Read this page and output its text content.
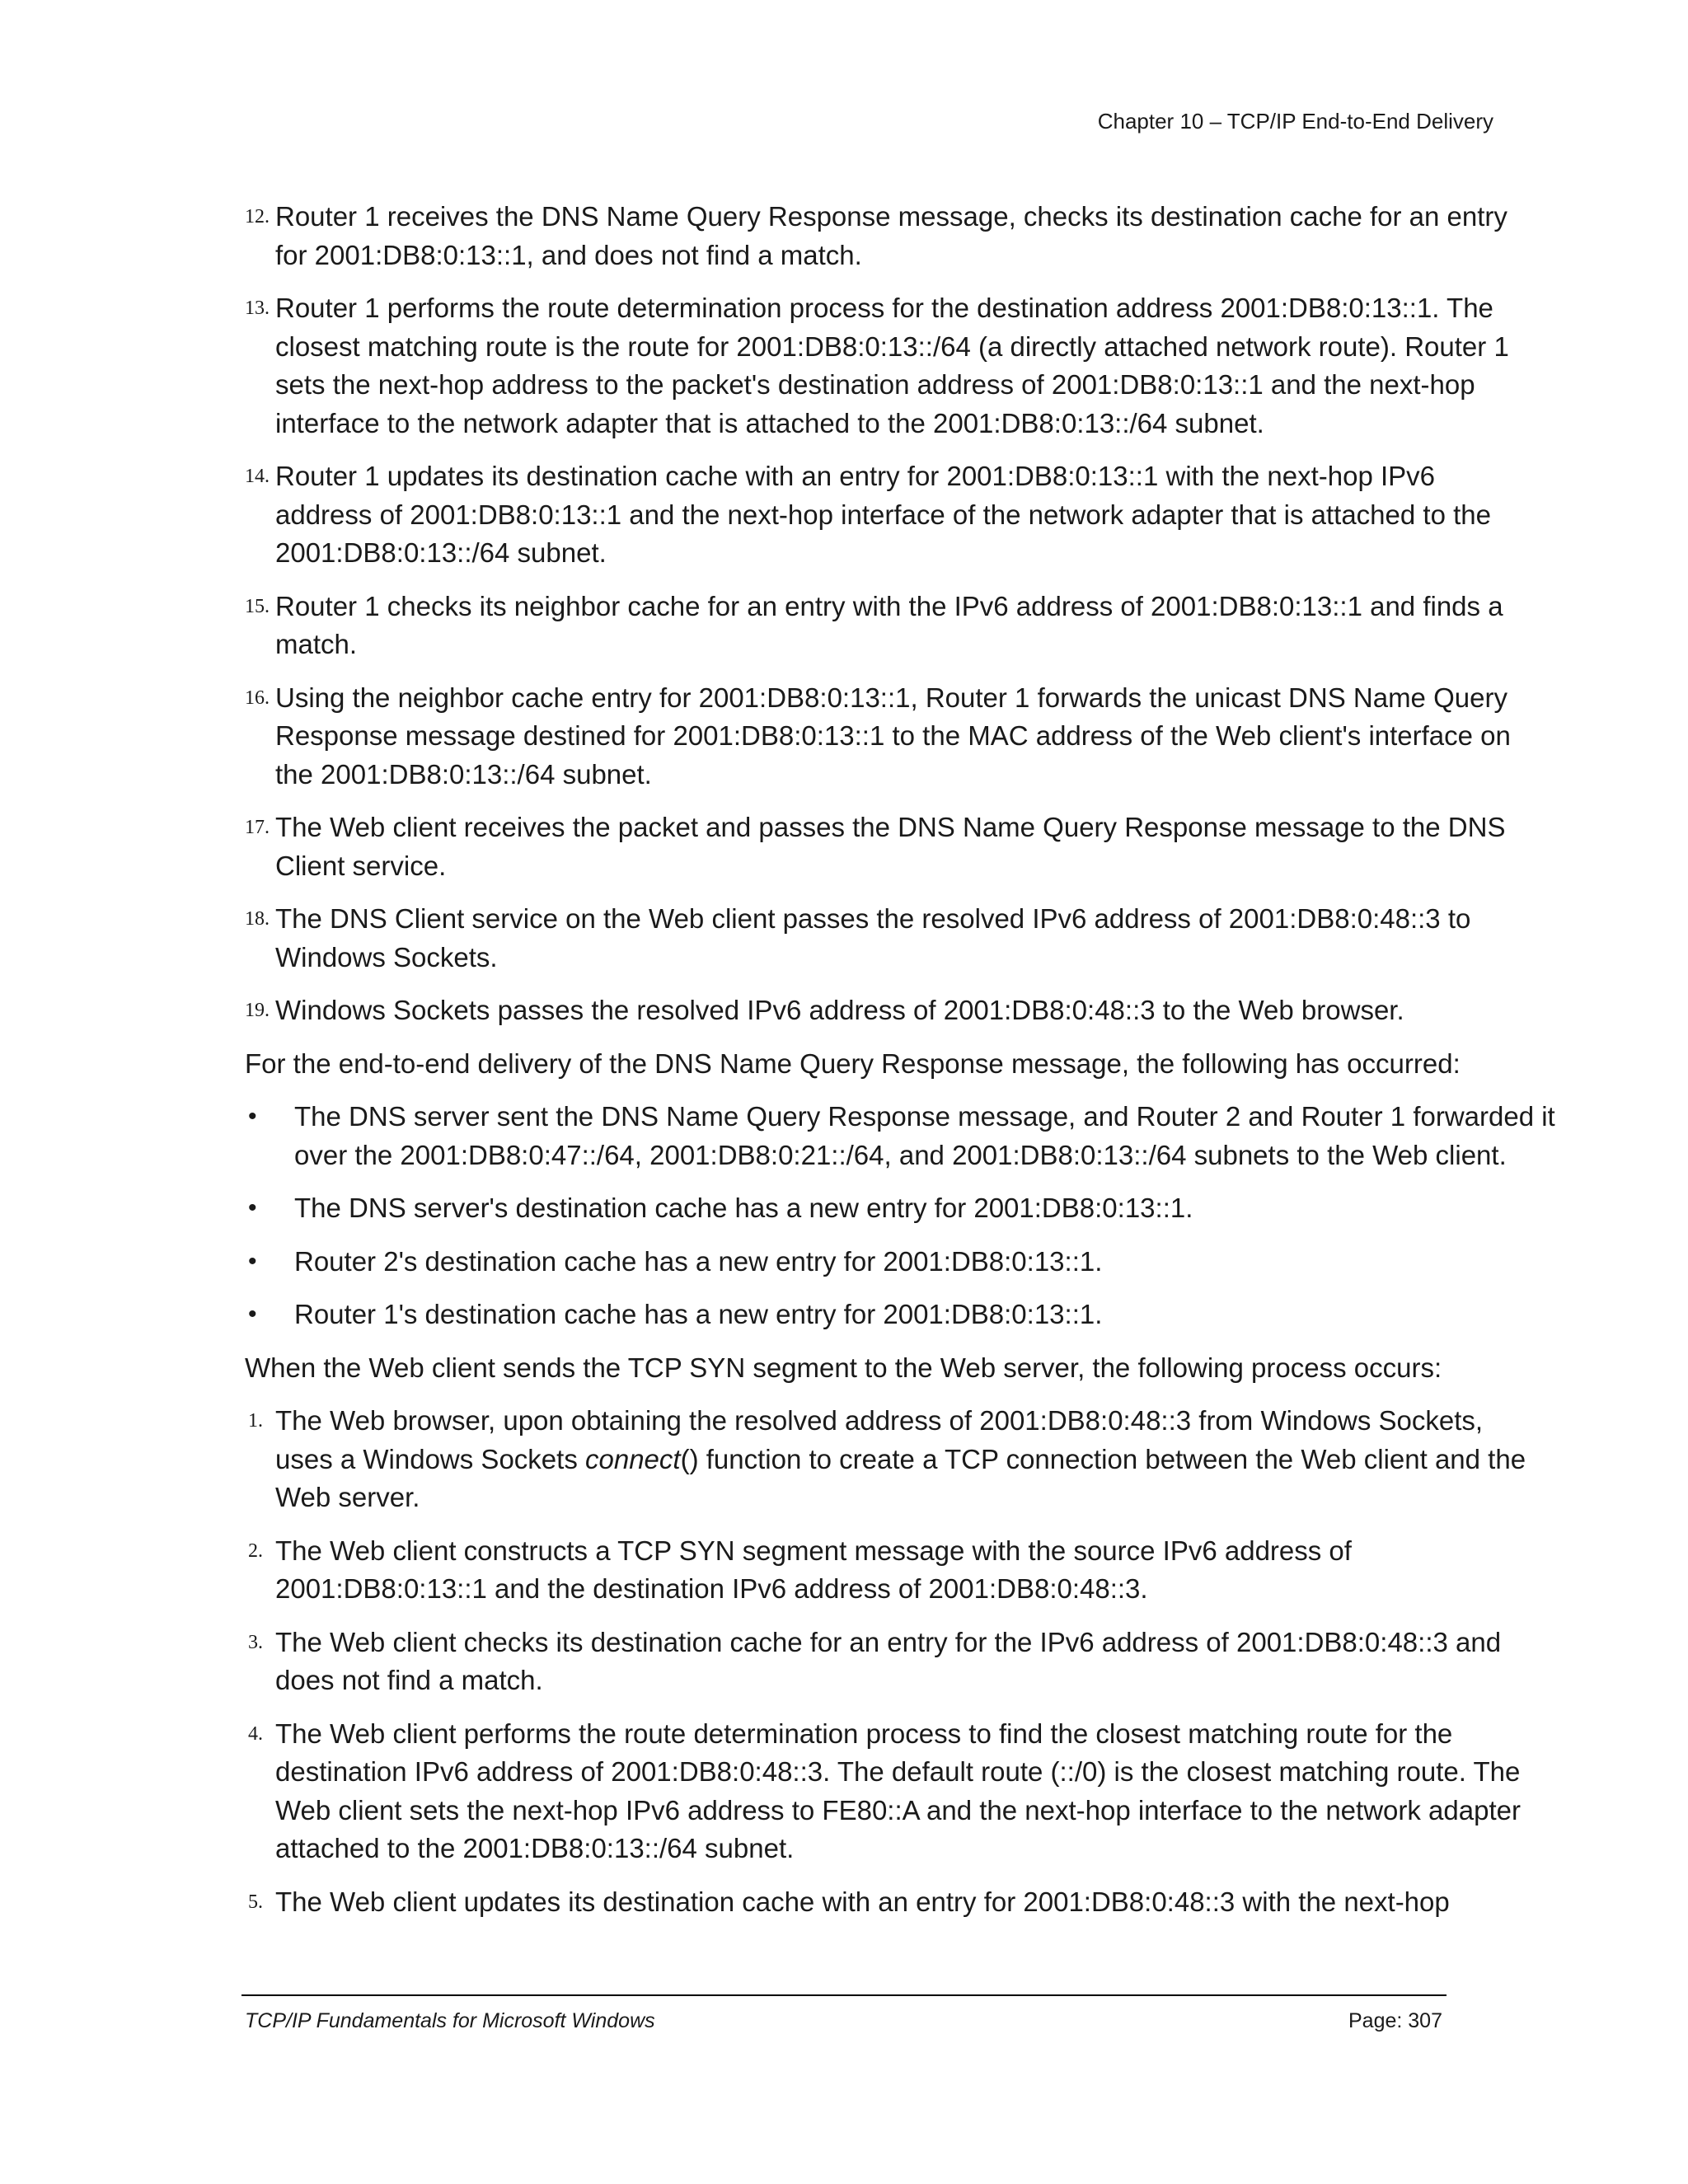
Chapter 10 – TCP/IP End-to-End Delivery
12. Router 1 receives the DNS Name Query Response message, checks its destination cache for an entry for 2001:DB8:0:13::1, and does not find a match.
13. Router 1 performs the route determination process for the destination address 2001:DB8:0:13::1. The closest matching route is the route for 2001:DB8:0:13::/64 (a directly attached network route). Router 1 sets the next-hop address to the packet's destination address of 2001:DB8:0:13::1 and the next-hop interface to the network adapter that is attached to the 2001:DB8:0:13::/64 subnet.
14. Router 1 updates its destination cache with an entry for 2001:DB8:0:13::1 with the next-hop IPv6 address of 2001:DB8:0:13::1 and the next-hop interface of the network adapter that is attached to the 2001:DB8:0:13::/64 subnet.
15. Router 1 checks its neighbor cache for an entry with the IPv6 address of 2001:DB8:0:13::1 and finds a match.
16. Using the neighbor cache entry for 2001:DB8:0:13::1, Router 1 forwards the unicast DNS Name Query Response message destined for 2001:DB8:0:13::1 to the MAC address of the Web client's interface on the 2001:DB8:0:13::/64 subnet.
17. The Web client receives the packet and passes the DNS Name Query Response message to the DNS Client service.
18. The DNS Client service on the Web client passes the resolved IPv6 address of 2001:DB8:0:48::3 to Windows Sockets.
19. Windows Sockets passes the resolved IPv6 address of 2001:DB8:0:48::3 to the Web browser.
For the end-to-end delivery of the DNS Name Query Response message, the following has occurred:
• The DNS server sent the DNS Name Query Response message, and Router 2 and Router 1 forwarded it over the 2001:DB8:0:47::/64, 2001:DB8:0:21::/64, and 2001:DB8:0:13::/64 subnets to the Web client.
• The DNS server's destination cache has a new entry for 2001:DB8:0:13::1.
• Router 2's destination cache has a new entry for 2001:DB8:0:13::1.
• Router 1's destination cache has a new entry for 2001:DB8:0:13::1.
When the Web client sends the TCP SYN segment to the Web server, the following process occurs:
1. The Web browser, upon obtaining the resolved address of 2001:DB8:0:48::3 from Windows Sockets, uses a Windows Sockets connect() function to create a TCP connection between the Web client and the Web server.
2. The Web client constructs a TCP SYN segment message with the source IPv6 address of 2001:DB8:0:13::1 and the destination IPv6 address of 2001:DB8:0:48::3.
3. The Web client checks its destination cache for an entry for the IPv6 address of 2001:DB8:0:48::3 and does not find a match.
4. The Web client performs the route determination process to find the closest matching route for the destination IPv6 address of 2001:DB8:0:48::3. The default route (::/0) is the closest matching route. The Web client sets the next-hop IPv6 address to FE80::A and the next-hop interface to the network adapter attached to the 2001:DB8:0:13::/64 subnet.
5. The Web client updates its destination cache with an entry for 2001:DB8:0:48::3 with the next-hop
TCP/IP Fundamentals for Microsoft Windows	Page: 307
